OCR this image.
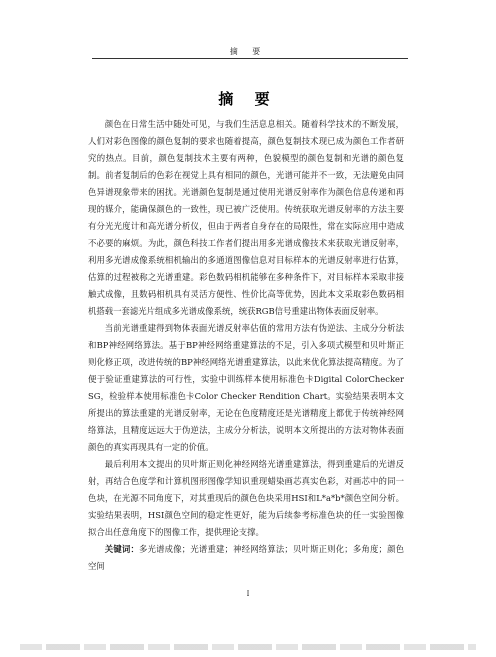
摘 要
摘 要

颜色在日常生活中随处可见，与我们生活息息相关。随着科学技术的不断发展，人们对彩色图像的颜色复制的要求也随着提高，颜色复制技术现已成为颜色工作者研究的热点。目前，颜色复制技术主要有两种，色貌模型的颜色复制和光谱的颜色复制。前者复制后的色彩在视觉上具有相同的颜色，光谱可能并不一致，无法避免由同色异谱现象带来的困扰。光谱颜色复制是通过使用光谱反射率作为颜色信息传递和再现的媒介，能确保颜色的一致性，现已被广泛使用。传统获取光谱反射率的方法主要有分光光度计和高光谱分析仪，但由于两者自身存在的局限性，常在实际应用中造成不必要的麻烦。为此，颜色科技工作者们提出用多光谱成像技术来获取光谱反射率，利用多光谱成像系统相机输出的多通道图像信息对目标样本的光谱反射率进行估算，估算的过程被称之光谱重建。彩色数码相机能够在多种条件下，对目标样本采取非接触式成像，且数码相机具有灵活方便性、性价比高等优势，因此本文采取彩色数码相机搭载一套滤光片组成多光谱成像系统，统获RGB信号重建出物体表面反射率。

当前光谱重建得到物体表面光谱反射率估值的常用方法有伪逆法、主成分分析法和BP神经网络算法。基于BP神经网络重建算法的不足，引入多项式模型和贝叶斯正则化修正项，改进传统的BP神经网络光谱重建算法，以此来优化算法提高精度。为了便于验证重建算法的可行性，实验中训练样本使用标准色卡Digital ColorChecker SG，检验样本使用标准色卡Color Checker Rendition Chart。实验结果表明本文所提出的算法重建的光谱反射率，无论在色度精度还是光谱精度上都优于传统神经网络算法，且精度远远大于伪逆法，主成分分析法，说明本文所提出的方法对物体表面颜色的真实再现具有一定的价值。

最后利用本文提出的贝叶斯正则化神经网络光谱重建算法，得到重建后的光谱反射，再结合色度学和计算机图形图像学知识重现蜡染画芯真实色彩，对画芯中的同一色块，在光源不同角度下，对其重现后的颜色色块采用HSI和L*a*b*颜色空间分析。实验结果表明，HSI颜色空间的稳定性更好，能为后续参考标准色块的任一实验图像拟合出任意角度下的图像工作，提供理论支撑。

关键词：多光谱成像；光谱重建；神经网络算法；贝叶斯正则化；多角度；颜色空间

I
